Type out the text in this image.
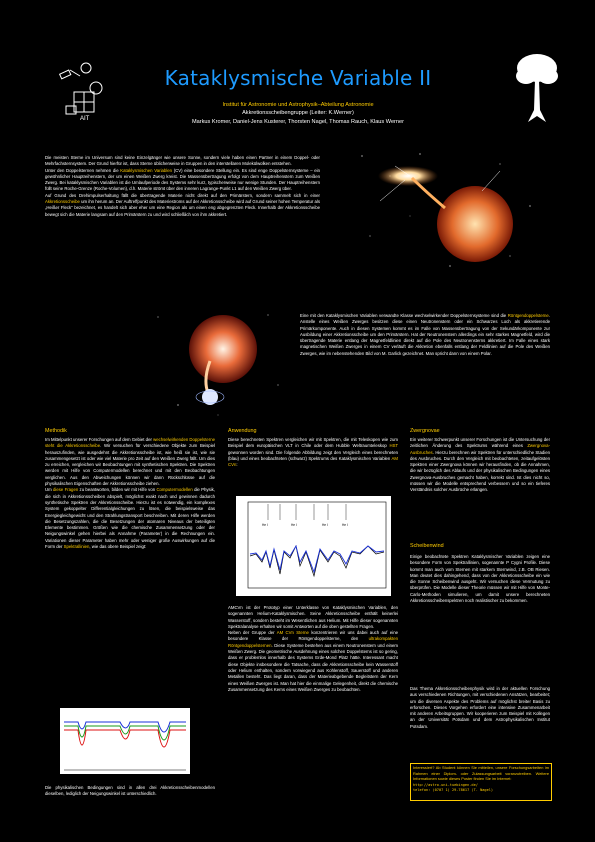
AIT
Kataklysmische Variable II
Institut für Astronomie und Astrophysik–Abteilung Astronomie
Akkretionsscheibengruppe (Leiter: K.Werner)
Markus Kromer, Daniel-Jens Kusterer, Thorsten Nagel, Thomas Rauch, Klaus Werner
Die meisten Sterne im Universum sind keine Einzelgänger wie unsere Sonne, sondern viele haben einen Partner in einem Doppel- oder Mehrfachsternsystem. Der Grund hierfür ist, dass Sterne üblicherweise in Gruppen in den interstellaren Molekülwolken entstehen.
Unter den Doppelsternen nehmen die Kataklysmischen Variablen (CV) eine besondere Stellung ein. Es sind enge Doppelsternsysteme – ein gewöhnlicher Hauptreihenstern, der um einen Weißen Zwerg kreist. Die Massenübertragung erfolgt von dem Hauptreihenstern zum Weißen Zwerg. Bei kataklysmischen Variablen ist die Umlaufperiode des Systems sehr kurz, typischerweise nur wenige Stunden. Der Hauptreihenstern füllt seine Roche-Grenze (Roche-Volumen), d.h. Materie strömt über den inneren Lagrange-Punkt L1 auf den Weißen Zwerg über.
Auf Grund des Drehimpulserhaltung fällt die übertragende Materie nicht direkt auf den Primärstern, sondern sammelt sich in einer Akkretionsscheibe um ihn herum an. Der Auftreffpunkt des Materiestroms auf der Akkretionsscheibe wird auf Grund seiner hohen Temperatur als „Heißer Fleck“ bezeichnet, es handelt sich aber eher um eine Region als um einen eng abgegrenzten Fleck. Innerhalb der Akkretionsscheibe bewegt sich die Materie langsam auf den Primärstern zu und wird schließlich von ihm akkretiert.
Eine mit den Kataklysmischen Variablen verwandte Klasse wechselwirkender Doppelsternsysteme sind die Röntgendoppelsterne. Anstelle eines Weißen Zwerges besitzen diese einen Neutronenstern oder ein Schwarzes Loch als akkretierende Primärkomponente. Auch in diesen Systemen kommt es im Falle von Massenübertragung von der Sekundärkomponente zur Ausbildung einer Akkretionsscheibe um den Primärstern. Hat der Neutronenstern allerdings ein sehr starkes Magnetfeld, wird die übertragende Materie entlang der Magnetfeldlinien direkt auf die Pole des Neutronensterns akkretiert. Im Falle eines stark magnetischen Weißen Zwerges in einem CV verläuft die Akkretion ebenfalls entlang der Feldlinien auf die Pole des Weißen Zwerges, wie im nebenstehenden Bild von M. Garlick gezeichnet. Man spricht dann von einem Polar.
Methodik
Im Mittelpunkt unserer Forschungen auf dem Gebiet der wechselwirkenden Doppelsterne steht die Akkretionsscheibe. Wir versuchen für verschiedene Objekte zum Beispiel herauszufinden, wie ausgedehnt die Akkretionsscheibe ist, wie heiß sie ist, wie sie zusammengesetzt ist oder wie viel Materie pro Zeit auf den Weißen Zwerg fällt. Um dies zu erreichen, vergleichen wir Beobachtungen mit synthetischen Spektren. Die Spektren werden mit Hilfe von Computermodellen berechnet und mit den Beobachtungen verglichen. Aus den Abweichungen können wir dann Rückschlüsse auf die physikalischen Eigenschaften der Akkretionsscheibe ziehen.
Um diese Fragen zu beantworten, bilden wir mit Hilfe von Computermodellen die Physik, die sich in Akkretionsscheiben abspielt, möglichst exakt nach und gewinnen dadurch synthetische Spektren der Akkretionsscheibe. Hierzu ist es notwendig, ein komplexes System gekoppelter Differentialgleichungen zu lösen, die beispielsweise das Energiegleichgewicht und den Strahlungstransport beschreiben. Mit deren Hilfe werden die Besetzungszahlen, die die Besetzungen der atomaren Niveaus der beteiligten Elemente bestimmen. Größen wie die chemische Zusammensetzung oder der Neigungswinkel gehen hierbei als Annahme (Parameter) in die Rechnungen ein. Variationen dieser Parameter haben mehr oder weniger große Auswirkungen auf die Form der Spektrallinien, wie das obere Beispiel zeigt:
Die physikalischen Bedingungen sind in allen drei Akkretionsscheibenmodellen dieselben, lediglich der Neigungswinkel ist unterschiedlich.
Anwendung
Diese berechneten Spektren vergleichen wir mit Spektren, die mit Teleskopen wie zum Beispiel dem europäischen VLT in Chile oder dem Hubble Weltraumteleskop HST gewonnen worden sind. Die folgende Abbildung zeigt den Vergleich eines berechneten (blau) und eines beobachteten (schwarz) Spektrums des Kataklysmischen Variablen AM CVn:
He I	He I	He I	He I
AMCVn ist der Prototyp einer Unterklasse von Kataklysmischen Variablen, den sogenannten Helium-Kataklysmischen. Seine Akkretionsscheibe enthält keinerlei Wasserstoff, sondern besteht im Wesentlichen aus Helium. Mit Hilfe dieser sogenannten Spektralanalyse erhalten wir somit Antworten auf die oben gestellten Fragen.
Neben der Gruppe der AM CVn Sterne konzentrieren wir uns dabei auch auf eine besondere Klasse der Röntgendoppelsterne, den ultrakompakten Röntgendoppelsternen. Diese Systeme bestehen aus einem Neutronenstern und einem Weißen Zwerg. Die geometrische Ausdehnung eines solchen Doppelsterns ist so gering, dass er problemlos innerhalb des Systems Erde-Mond Platz hätte. Interessant macht diese Objekte insbesondere die Tatsache, dass die Akkretionsscheibe kein Wasserstoff oder Helium enthalten, sondern vorwiegend aus Kohlenstoff, Sauerstoff und anderen Metallen besteht. Das liegt daran, dass der Materieabgebende Begleitstern der Kern eines Weißen Zwerges ist. Man hat hier die einmalige Gelegenheit, direkt die chemische Zusammensetzung des Kerns eines Weißen Zwerges zu beobachten.
Zwergnovae
Ein weiterer Schwerpunkt unserer Forschungen ist die Untersuchung der zeitlichen Änderung des Spektrums während eines Zwergnova-Ausbruches. Hierzu berechnen wir Spektren für unterschiedliche Stadien des Ausbruches. Durch den Vergleich mit beobachteten, zeitaufgelösten Spektren einer Zwergnova können wir herausfinden, ob die Annahmen, die wir bezüglich des Ablaufs und der physikalischen Bedingungen eines Zwergnova-Ausbruches gemacht haben, korrekt sind. Ist dies nicht so, müssen wir die Modelle entsprechend verbessern und so ein tieferes Verständnis solcher Ausbrüche erlangen.
Scheibenwind
Einige beobachtete Spektren Kataklysmischer Variablen zeigen eine besondere Form von Spektrallinien, sogenannte P Cygni Profile. Diese kommt man auch vom Sternen mit starkem Sternwind, z.B. OB Riesen. Man deutet dies dahingehend, dass von der Akkretionsscheibe ein wie die Sonne Scheibenwind ausgeht. Wir versuchen diese Vermutung zu überprüfen. Die Modelle dieser Theorie müssen wir mit Hilfe von Monte-Carlo-Methoden simulieren, um damit unsere berechneten Akkretionsscheibenspektren noch realistischer zu bekommen.
Das Thema Akkretionsscheibenphysik wird in der aktuellen Forschung aus verschiedenen Richtungen, mit verschiedenen Ansätzen, bearbeitet; um die diversen Aspekte des Problems auf möglichst breiter Basis zu erforschen. Dieses Vorgehen erfordert eine intensive Zusammenarbeit mit anderen Arbeitsgruppen. Wir kooperieren zum Beispiel mit Kollegen an der Universität Potsdam und dem Astrophysikalischen Institut Potsdam.
Interessiert? Ab Student können Sie mitteilen, unsere Forschungsarbeiten im Rahmen einer Diplom- oder Zulassungsarbeit voranzutreiben. Weitere Informationen sowie dieses Poster finden Sie im Internet:
http://astro.uni-tuebingen.de/
telefon: (0707 1) 29-78617 (T. Nagel)
